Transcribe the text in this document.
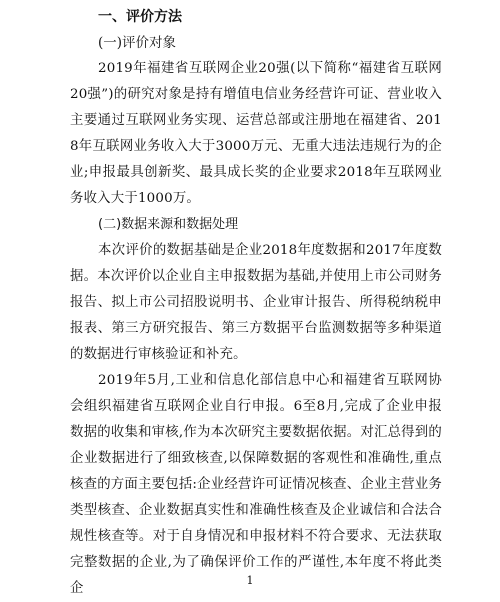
一、评价方法

(一)评价对象

2019年福建省互联网企业20强(以下简称“福建省互联网20强”)的研究对象是持有增值电信业务经营许可证、营业收入主要通过互联网业务实现、运营总部或注册地在福建省、2018年互联网业务收入大于3000万元、无重大违法违规行为的企业;申报最具创新奖、最具成长奖的企业要求2018年互联网业务收入大于1000万。

(二)数据来源和数据处理

本次评价的数据基础是企业2018年度数据和2017年度数据。本次评价以企业自主申报数据为基础,并使用上市公司财务报告、拟上市公司招股说明书、企业审计报告、所得税纳税申报表、第三方研究报告、第三方数据平台监测数据等多种渠道的数据进行审核验证和补充。

2019年5月,工业和信息化部信息中心和福建省互联网协会组织福建省互联网企业自行申报。6至8月,完成了企业申报数据的收集和审核,作为本次研究主要数据依据。对汇总得到的企业数据进行了细致核查,以保障数据的客观性和准确性,重点核查的方面主要包括:企业经营许可证情况核查、企业主营业务类型核查、企业数据真实性和准确性核查及企业诚信和合法合规性核查等。对于自身情况和申报材料不符合要求、无法获取完整数据的企业,为了确保评价工作的严谨性,本年度不将此类企

1
